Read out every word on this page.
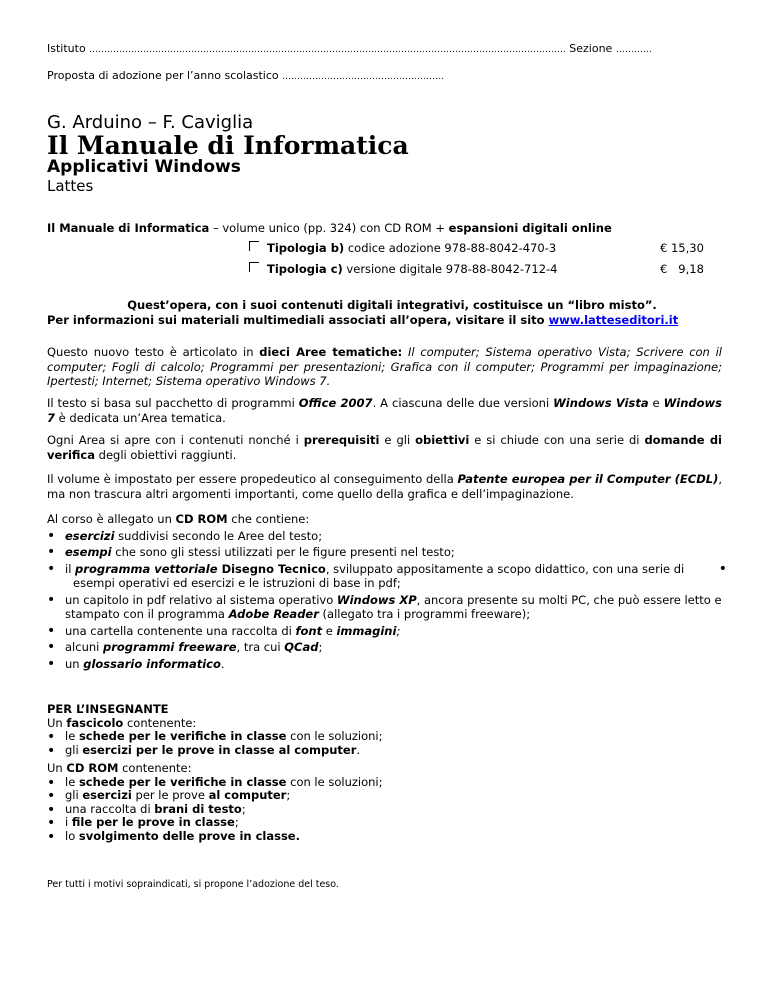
Istituto ……………………………………………………………………………………………………………………………………..……. Sezione …………
Proposta di adozione per l’anno scolastico ………………………………………………
G. Arduino – F. Caviglia
Il Manuale di Informatica
Applicativi Windows
Lattes
Il Manuale di Informatica – volume unico (pp. 324) con CD ROM + espansioni digitali online
Tipologia b) codice adozione 978-88-8042-470-3	€ 15,30
Tipologia c) versione digitale 978-88-8042-712-4	€   9,18
Quest’opera, con i suoi contenuti digitali integrativi, costituisce un “libro misto”.
Per informazioni sui materiali multimediali associati all’opera, visitare il sito www.latteseditori.it
Questo nuovo testo è articolato in dieci Aree tematiche: Il computer; Sistema operativo Vista; Scrivere con il computer; Fogli di calcolo; Programmi per presentazioni; Grafica con il computer; Programmi per impaginazione; Ipertesti; Internet; Sistema operativo Windows 7.
Il testo si basa sul pacchetto di programmi Office 2007. A ciascuna delle due versioni Windows Vista e Windows 7 è dedicata un’Area tematica.
Ogni Area si apre con i contenuti nonché i prerequisiti e gli obiettivi e si chiude con una serie di domande di verifica degli obiettivi raggiunti.
Il volume è impostato per essere propedeutico al conseguimento della Patente europea per il Computer (ECDL), ma non trascura altri argomenti importanti, come quello della grafica e dell’impaginazione.
Al corso è allegato un CD ROM che contiene:
• esercizi suddivisi secondo le Aree del testo;
• esempi che sono gli stessi utilizzati per le figure presenti nel testo;
• il programma vettoriale Disegno Tecnico, sviluppato appositamente a scopo didattico, con una serie di •

esempi operativi ed esercizi e le istruzioni di base in pdf;
• un capitolo in pdf relativo al sistema operativo Windows XP, ancora presente su molti PC, che può essere letto e stampato con il programma Adobe Reader (allegato tra i programmi freeware);
• una cartella contenente una raccolta di font e immagini;
• alcuni programmi freeware, tra cui QCad;
• un glossario informatico.
PER L’INSEGNANTE
Un fascicolo contenente:
• le schede per le verifiche in classe con le soluzioni;
• gli esercizi per le prove in classe al computer.
Un CD ROM contenente:
• le schede per le verifiche in classe con le soluzioni;
• gli esercizi per le prove al computer;
• una raccolta di brani di testo;
• i file per le prove in classe;
• lo svolgimento delle prove in classe.
Per tutti i motivi sopraindicati, si propone l’adozione del teso.
